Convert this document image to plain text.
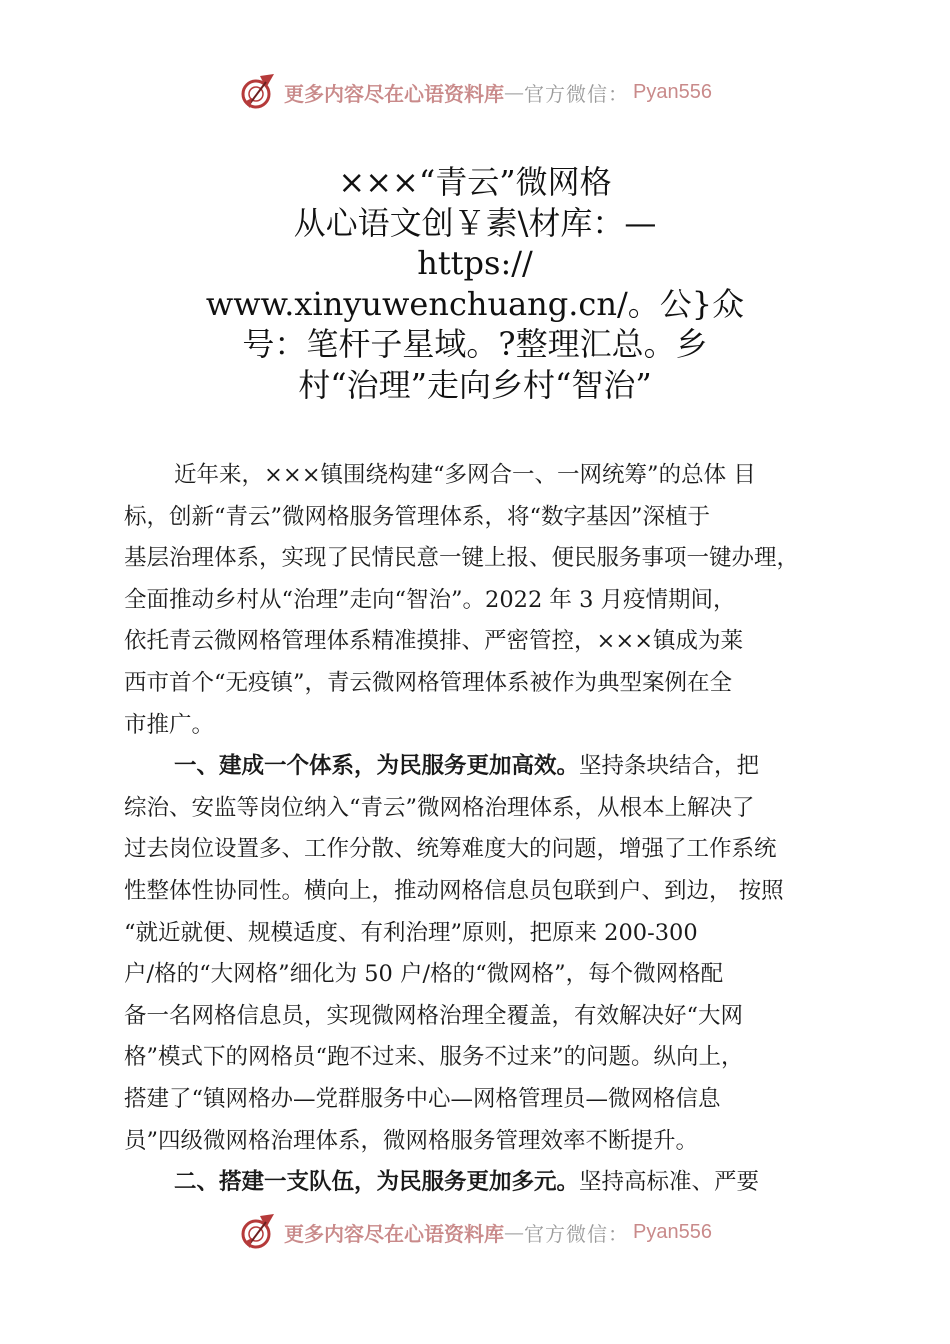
更多内容尽在心语资料库 — 官方微信： Pyan556
×××“青云”微网格
从心语文创￥素\材库：—
https://
www.xinyuwenchuang.cn/。公}众
号：笔杆子星域。?整理汇总。乡
村“治理”走向乡村“智治”
近年来，×××镇围绕构建“多网合一、一网统筹”的总体 目
标，创新“青云”微网格服务管理体系，将“数字基因”深植于
基层治理体系，实现了民情民意一键上报、便民服务事项一键办理，
全面推动乡村从“治理”走向“智治”。2022 年 3 月疫情期间，
依托青云微网格管理体系精准摸排、严密管控，×××镇成为莱
西市首个“无疫镇”，青云微网格管理体系被作为典型案例在全
市推广。
一、建成一个体系，为民服务更加高效。坚持条块结合，把
综治、安监等岗位纳入“青云”微网格治理体系，从根本上解决了
过去岗位设置多、工作分散、统筹难度大的问题，增强了工作系统
性整体性协同性。横向上，推动网格信息员包联到户、到边， 按照
“就近就便、规模适度、有利治理”原则，把原来 200-300
户/格的“大网格”细化为 50 户/格的“微网格”，每个微网格配
备一名网格信息员，实现微网格治理全覆盖，有效解决好“大网
格”模式下的网格员“跑不过来、服务不过来”的问题。纵向上，
搭建了“镇网格办—党群服务中心—网格管理员—微网格信息
员”四级微网格治理体系，微网格服务管理效率不断提升。
二、搭建一支队伍，为民服务更加多元。坚持高标准、严要
更多内容尽在心语资料库 — 官方微信： Pyan556
